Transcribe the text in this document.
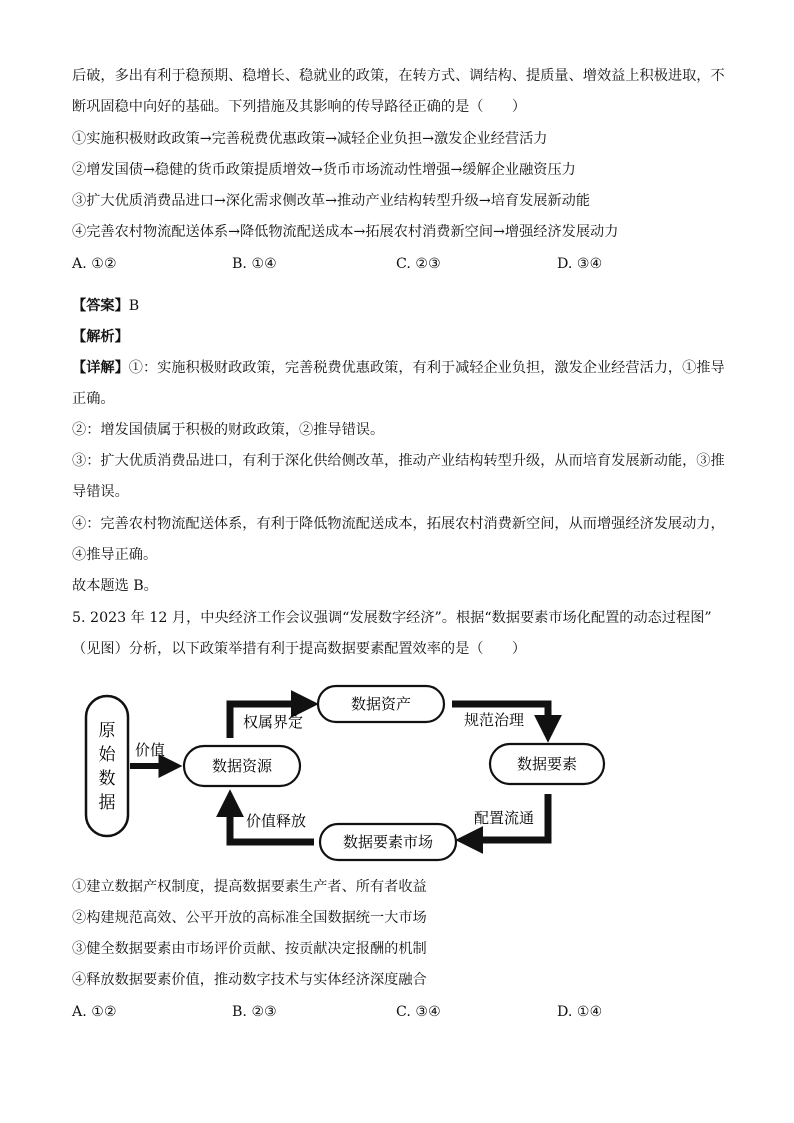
后破，多出有利于稳预期、稳增长、稳就业的政策，在转方式、调结构、提质量、增效益上积极进取，不
断巩固稳中向好的基础。下列措施及其影响的传导路径正确的是（　　）
①实施积极财政政策→完善税费优惠政策→减轻企业负担→激发企业经营活力
②增发国债→稳健的货币政策提质增效→货币市场流动性增强→缓解企业融资压力
③扩大优质消费品进口→深化需求侧改革→推动产业结构转型升级→培育发展新动能
④完善农村物流配送体系→降低物流配送成本→拓展农村消费新空间→增强经济发展动力
A. ①②	B. ①④	C. ②③	D. ③④
【答案】B
【解析】
【详解】①：实施积极财政政策，完善税费优惠政策，有利于减轻企业负担，激发企业经营活力，①推导
正确。
②：增发国债属于积极的财政政策，②推导错误。
③：扩大优质消费品进口，有利于深化供给侧改革，推动产业结构转型升级，从而培育发展新动能，③推
导错误。
④：完善农村物流配送体系，有利于降低物流配送成本，拓展农村消费新空间，从而增强经济发展动力，
④推导正确。
故本题选 B。
5. 2023 年 12 月，中央经济工作会议强调“发展数字经济”。根据“数据要素市场化配置的动态过程图”
（见图）分析，以下政策举措有利于提高数据要素配置效率的是（　　）
原
始
数
据
价值
数据资源
数据资产
数据要素
数据要素市场
权属界定	规范治理
配置流通
价值释放
①建立数据产权制度，提高数据要素生产者、所有者收益
②构建规范高效、公平开放的高标准全国数据统一大市场
③健全数据要素由市场评价贡献、按贡献决定报酬的机制
④释放数据要素价值，推动数字技术与实体经济深度融合
A. ①②	B. ②③	C. ③④	D. ①④
